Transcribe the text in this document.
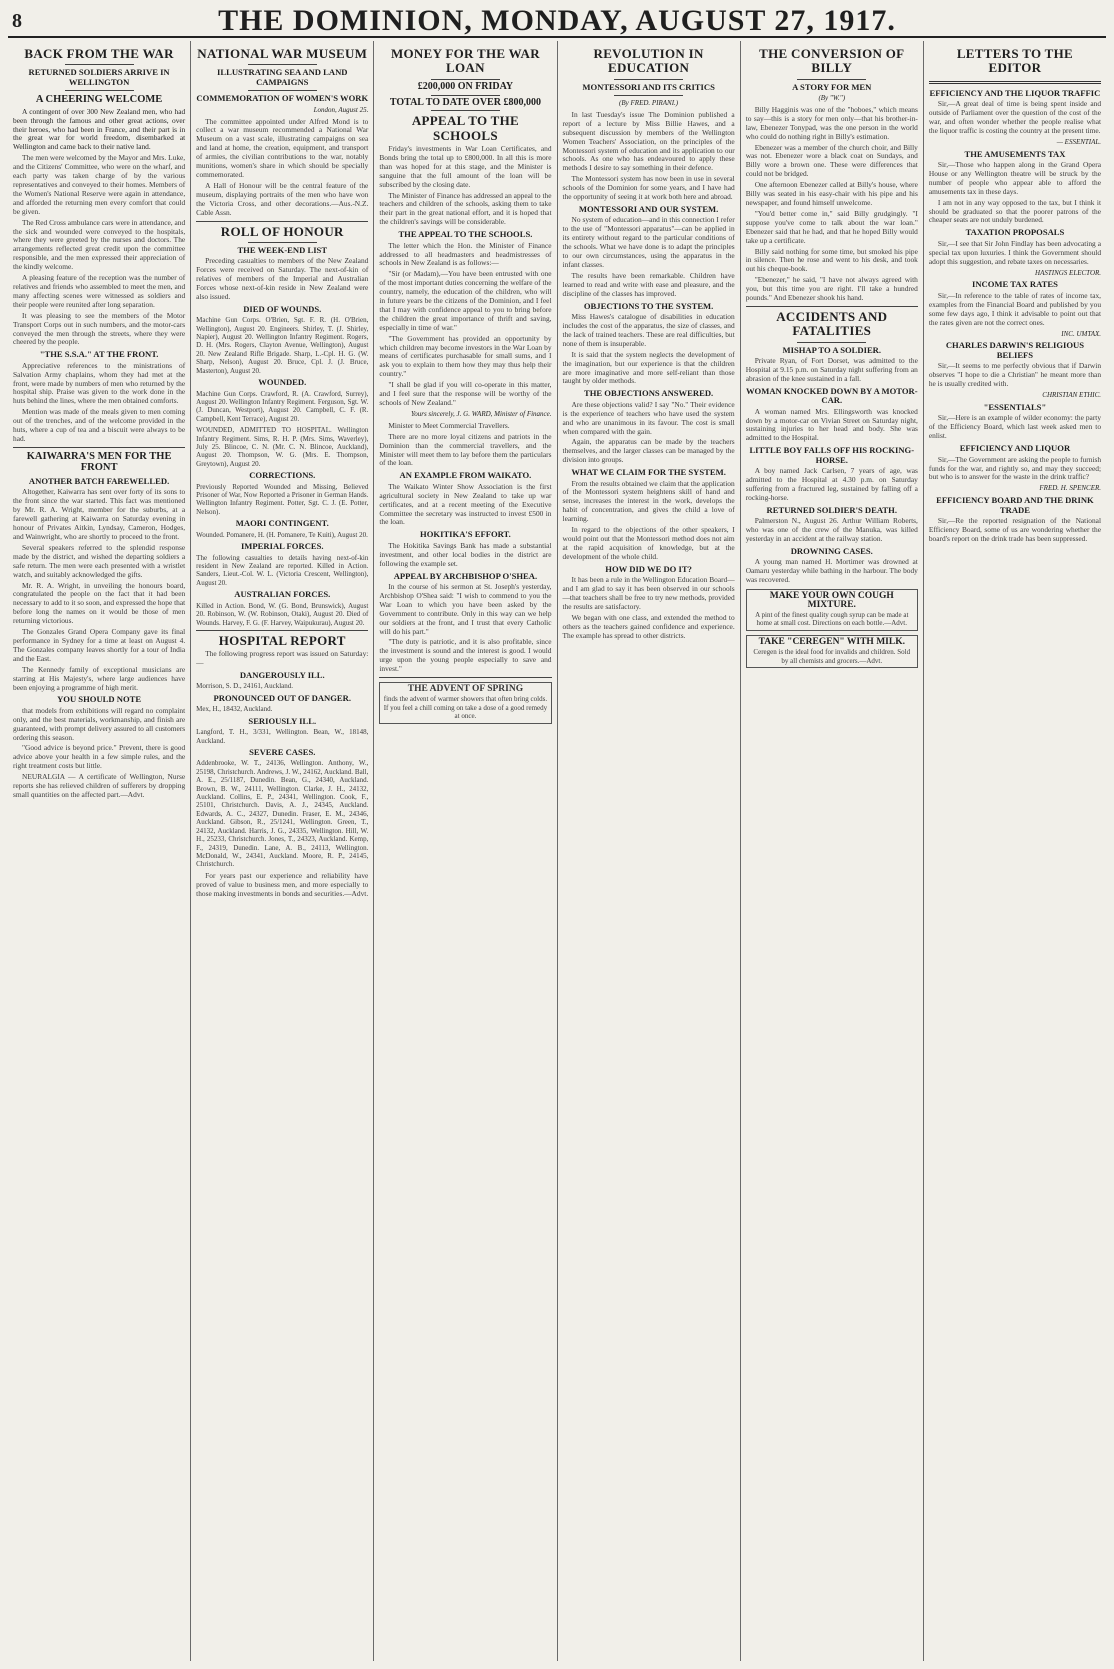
8	THE DOMINION, MONDAY, AUGUST 27, 1917.
BACK FROM THE WAR
RETURNED SOLDIERS ARRIVE IN WELLINGTON
A CHEERING WELCOME
A contingent of over 300 New Zealand men, who had been through the famous and other great actions, over their heroes, who had been in France, and their part is in the great war for world freedom, disembarked at Wellington and came back to their native land.
The men were welcomed by the Mayor and Mrs. Luke, and the Citizens' Committee, who were on the wharf, and each party was taken charge of by the various representatives and conveyed to their homes. Members of the Women's National Reserve were again in attendance, and afforded the returning men every comfort that could be given.
The Red Cross ambulance cars were in attendance, and the sick and wounded were conveyed to the hospitals, where they were greeted by the nurses and doctors. The arrangements reflected great credit upon the committee responsible, and the men expressed their appreciation of the kindly welcome.
A pleasing feature of the reception was the number of relatives and friends who assembled to meet the men, and many affecting scenes were witnessed as soldiers and their people were reunited after long separation.
It was pleasing to see the members of the Motor Transport Corps out in such numbers, and the motor-cars conveyed the men through the streets, where they were cheered by the people.
"THE S.S.A." AT THE FRONT.
Appreciative references to the ministrations of Salvation Army chaplains, whom they had met at the front, were made by numbers of men who returned by the hospital ship. Praise was given to the work done in the huts behind the lines, where the men obtained comforts.
Mention was made of the meals given to men coming out of the trenches, and of the welcome provided in the huts, where a cup of tea and a biscuit were always to be had.
KAIWARRA'S MEN FOR THE FRONT
ANOTHER BATCH FAREWELLED.
Altogether, Kaiwarra has sent over forty of its sons to the front since the war started. This fact was mentioned by Mr. R. A. Wright, member for the suburbs, at a farewell gathering at Kaiwarra on Saturday evening in honour of Privates Aitkin, Lyndsay, Cameron, Hodges, and Wainwright, who are shortly to proceed to the front.
Several speakers referred to the splendid response made by the district, and wished the departing soldiers a safe return. The men were each presented with a wristlet watch, and suitably acknowledged the gifts.
Mr. R. A. Wright, in unveiling the honours board, congratulated the people on the fact that it had been necessary to add to it so soon, and expressed the hope that before long the names on it would be those of men returning victorious.
The Gonzales Grand Opera Company gave its final performance in Sydney for a time at least on August 4. The Gonzales company leaves shortly for a tour of India and the East.
The Kennedy family of exceptional musicians are starring at His Majesty's, where large audiences have been enjoying a programme of high merit.
YOU SHOULD NOTE
that models from exhibitions will regard no complaint only, and the best materials, workmanship, and finish are guaranteed, with prompt delivery assured to all customers ordering this season.
"Good advice is beyond price." Prevent, there is good advice above your health in a few simple rules, and the right treatment costs but little.
NEURALGIA — A certificate of Wellington, Nurse reports she has relieved children of sufferers by dropping small quantities on the affected part.—Advt.
NATIONAL WAR MUSEUM
ILLUSTRATING SEA AND LAND CAMPAIGNS
COMMEMORATION OF WOMEN'S WORK
London, August 25.
The committee appointed under Alfred Mond is to collect a war museum recommended a National War Museum on a vast scale, illustrating campaigns on sea and land at home, the creation, equipment, and transport of armies, the civilian contributions to the war, notably munitions, women's share in which should be specially commemorated.
A Hall of Honour will be the central feature of the museum, displaying portraits of the men who have won the Victoria Cross, and other decorations.—Aus.-N.Z. Cable Assn.
ROLL OF HONOUR
THE WEEK-END LIST
Preceding casualties to members of the New Zealand Forces were received on Saturday. The next-of-kin of relatives of members of the Imperial and Australian Forces whose next-of-kin reside in New Zealand were also issued.
DIED OF WOUNDS.
Machine Gun Corps. O'Brien, Sgt. F. R. (H. O'Brien, Wellington), August 20. Engineers. Shirley, T. (J. Shirley, Napier), August 20. Wellington Infantry Regiment. Rogers, D. H. (Mrs. Rogers, Clayton Avenue, Wellington), August 20. New Zealand Rifle Brigade. Sharp, L.-Cpl. H. G. (W. Sharp, Nelson), August 20. Bruce, Cpl. J. (J. Bruce, Masterton), August 20.
WOUNDED.
Machine Gun Corps. Crawford, R. (A. Crawford, Surrey), August 20. Wellington Infantry Regiment. Ferguson, Sgt. W. (J. Duncan, Westport), August 20. Campbell, C. F. (R. Campbell, Kent Terrace), August 20.
WOUNDED, ADMITTED TO HOSPITAL. Wellington Infantry Regiment. Sims, R. H. P. (Mrs. Sims, Waverley), July 25. Blincoe, C. N. (Mr. C. N. Blincoe, Auckland), August 20. Thompson, W. G. (Mrs. E. Thompson, Greytown), August 20.
CORRECTIONS.
Previously Reported Wounded and Missing, Believed Prisoner of War, Now Reported a Prisoner in German Hands. Wellington Infantry Regiment. Potter, Sgt. C. J. (E. Potter, Nelson).
MAORI CONTINGENT.
Wounded. Pomanere, H. (H. Pomanere, Te Kuiti), August 20.
IMPERIAL FORCES.
The following casualties to details having next-of-kin resident in New Zealand are reported. Killed in Action. Sanders, Lieut.-Col. W. L. (Victoria Crescent, Wellington), August 20.
AUSTRALIAN FORCES.
Killed in Action. Bond, W. (G. Bond, Brunswick), August 20. Robinson, W. (W. Robinson, Otaki), August 20. Died of Wounds. Harvey, F. G. (F. Harvey, Waipukurau), August 20.
HOSPITAL REPORT
The following progress report was issued on Saturday:—
DANGEROUSLY ILL.
Morrison, S. D., 24161, Auckland.
PRONOUNCED OUT OF DANGER.
Mex, H., 18432, Auckland.
SERIOUSLY ILL.
Langford, T. H., 3/331, Wellington. Bean, W., 18148, Auckland.
SEVERE CASES.
Addenbrooke, W. T., 24136, Wellington. Anthony, W., 25198, Christchurch. Andrews, J. W., 24162, Auckland. Ball, A. E., 25/1187, Dunedin. Bean, G., 24340, Auckland. Brown, B. W., 24111, Wellington. Clarke, J. H., 24132, Auckland. Collins, E. P., 24341, Wellington. Cook, F., 25101, Christchurch. Davis, A. J., 24345, Auckland. Edwards, A. C., 24327, Dunedin. Fraser, E. M., 24346, Auckland. Gibson, R., 25/1241, Wellington. Green, T., 24132, Auckland. Harris, J. G., 24335, Wellington. Hill, W. H., 25233, Christchurch. Jones, T., 24323, Auckland. Kemp, F., 24319, Dunedin. Lane, A. B., 24113, Wellington. McDonald, W., 24341, Auckland. Moore, R. P., 24145, Christchurch.
For years past our experience and reliability have proved of value to business men, and more especially to those making investments in bonds and securities.—Advt.
MONEY FOR THE WAR LOAN
£200,000 ON FRIDAY
TOTAL TO DATE OVER £800,000
APPEAL TO THE SCHOOLS
Friday's investments in War Loan Certificates, and Bonds bring the total up to £800,000. In all this is more than was hoped for at this stage, and the Minister is sanguine that the full amount of the loan will be subscribed by the closing date.
The Minister of Finance has addressed an appeal to the teachers and children of the schools, asking them to take their part in the great national effort, and it is hoped that the children's savings will be considerable.
THE APPEAL TO THE SCHOOLS.
The letter which the Hon. the Minister of Finance addressed to all headmasters and headmistresses of schools in New Zealand is as follows:—
"Sir (or Madam),—You have been entrusted with one of the most important duties concerning the welfare of the country, namely, the education of the children, who will in future years be the citizens of the Dominion, and I feel that I may with confidence appeal to you to bring before the children the great importance of thrift and saving, especially in time of war."
"The Government has provided an opportunity by which children may become investors in the War Loan by means of certificates purchasable for small sums, and I ask you to explain to them how they may thus help their country."
"I shall be glad if you will co-operate in this matter, and I feel sure that the response will be worthy of the schools of New Zealand."
Yours sincerely, J. G. WARD, Minister of Finance.
Minister to Meet Commercial Travellers.
There are no more loyal citizens and patriots in the Dominion than the commercial travellers, and the Minister will meet them to lay before them the particulars of the loan.
AN EXAMPLE FROM WAIKATO.
The Waikato Winter Show Association is the first agricultural society in New Zealand to take up war certificates, and at a recent meeting of the Executive Committee the secretary was instructed to invest £500 in the loan.
HOKITIKA'S EFFORT.
The Hokitika Savings Bank has made a substantial investment, and other local bodies in the district are following the example set.
APPEAL BY ARCHBISHOP O'SHEA.
In the course of his sermon at St. Joseph's yesterday, Archbishop O'Shea said: "I wish to commend to you the War Loan to which you have been asked by the Government to contribute. Only in this way can we help our soldiers at the front, and I trust that every Catholic will do his part."
"The duty is patriotic, and it is also profitable, since the investment is sound and the interest is good. I would urge upon the young people especially to save and invest."
THE ADVENT OF SPRING
finds the advent of warmer showers that often bring colds. If you feel a chill coming on take a dose of a good remedy at once.
REVOLUTION IN EDUCATION
MONTESSORI AND ITS CRITICS
(By FRED. PIRANI.)
In last Tuesday's issue The Dominion published a report of a lecture by Miss Billie Hawes, and a subsequent discussion by members of the Wellington Women Teachers' Association, on the principles of the Montessori system of education and its application to our schools. As one who has endeavoured to apply these methods I desire to say something in their defence.
The Montessori system has now been in use in several schools of the Dominion for some years, and I have had the opportunity of seeing it at work both here and abroad.
MONTESSORI AND OUR SYSTEM.
No system of education—and in this connection I refer to the use of "Montessori apparatus"—can be applied in its entirety without regard to the particular conditions of the schools. What we have done is to adapt the principles to our own circumstances, using the apparatus in the infant classes.
The results have been remarkable. Children have learned to read and write with ease and pleasure, and the discipline of the classes has improved.
OBJECTIONS TO THE SYSTEM.
Miss Hawes's catalogue of disabilities in education includes the cost of the apparatus, the size of classes, and the lack of trained teachers. These are real difficulties, but none of them is insuperable.
It is said that the system neglects the development of the imagination, but our experience is that the children are more imaginative and more self-reliant than those taught by older methods.
THE OBJECTIONS ANSWERED.
Are these objections valid? I say "No." Their evidence is the experience of teachers who have used the system and who are unanimous in its favour. The cost is small when compared with the gain.
Again, the apparatus can be made by the teachers themselves, and the larger classes can be managed by the division into groups.
WHAT WE CLAIM FOR THE SYSTEM.
From the results obtained we claim that the application of the Montessori system heightens skill of hand and sense, increases the interest in the work, develops the habit of concentration, and gives the child a love of learning.
In regard to the objections of the other speakers, I would point out that the Montessori method does not aim at the rapid acquisition of knowledge, but at the development of the whole child.
HOW DID WE DO IT?
It has been a rule in the Wellington Education Board—and I am glad to say it has been observed in our schools—that teachers shall be free to try new methods, provided the results are satisfactory.
We began with one class, and extended the method to others as the teachers gained confidence and experience. The example has spread to other districts.
THE CONVERSION OF BILLY
A STORY FOR MEN
(By "W.")
Billy Hagginis was one of the "hoboes," which means to say—this is a story for men only—that his brother-in-law, Ebenezer Tonypad, was the one person in the world who could do nothing right in Billy's estimation.
Ebenezer was a member of the church choir, and Billy was not. Ebenezer wore a black coat on Sundays, and Billy wore a brown one. These were differences that could not be bridged.
One afternoon Ebenezer called at Billy's house, where Billy was seated in his easy-chair with his pipe and his newspaper, and found himself unwelcome.
"You'd better come in," said Billy grudgingly. "I suppose you've come to talk about the war loan." Ebenezer said that he had, and that he hoped Billy would take up a certificate.
Billy said nothing for some time, but smoked his pipe in silence. Then he rose and went to his desk, and took out his cheque-book.
"Ebenezer," he said, "I have not always agreed with you, but this time you are right. I'll take a hundred pounds." And Ebenezer shook his hand.
ACCIDENTS AND FATALITIES
MISHAP TO A SOLDIER.
Private Ryan, of Fort Dorset, was admitted to the Hospital at 9.15 p.m. on Saturday night suffering from an abrasion of the knee sustained in a fall.
WOMAN KNOCKED DOWN BY A MOTOR-CAR.
A woman named Mrs. Ellingsworth was knocked down by a motor-car on Vivian Street on Saturday night, sustaining injuries to her head and body. She was admitted to the Hospital.
LITTLE BOY FALLS OFF HIS ROCKING-HORSE.
A boy named Jack Carlsen, 7 years of age, was admitted to the Hospital at 4.30 p.m. on Saturday suffering from a fractured leg, sustained by falling off a rocking-horse.
RETURNED SOLDIER'S DEATH.
Palmerston N., August 26. Arthur William Roberts, who was one of the crew of the Manuka, was killed yesterday in an accident at the railway station.
DROWNING CASES.
A young man named H. Mortimer was drowned at Oamaru yesterday while bathing in the harbour. The body was recovered.
MAKE YOUR OWN COUGH MIXTURE.
A pint of the finest quality cough syrup can be made at home at small cost. Directions on each bottle.—Advt.
TAKE "CEREGEN" WITH MILK.
Ceregen is the ideal food for invalids and children. Sold by all chemists and grocers.—Advt.
LETTERS TO THE EDITOR
EFFICIENCY AND THE LIQUOR TRAFFIC
Sir,—A great deal of time is being spent inside and outside of Parliament over the question of the cost of the war, and often wonder whether the people realise what the liquor traffic is costing the country at the present time.
— ESSENTIAL.
THE AMUSEMENTS TAX
Sir,—Those who happen along in the Grand Opera House or any Wellington theatre will be struck by the number of people who appear able to afford the amusements tax in these days.
I am not in any way opposed to the tax, but I think it should be graduated so that the poorer patrons of the cheaper seats are not unduly burdened.
TAXATION PROPOSALS
Sir,—I see that Sir John Findlay has been advocating a special tax upon luxuries. I think the Government should adopt this suggestion, and rebate taxes on necessaries.
HASTINGS ELECTOR.
INCOME TAX RATES
Sir,—In reference to the table of rates of income tax, examples from the Financial Board and published by you some few days ago, I think it advisable to point out that the rates given are not the correct ones.
INC. UMTAX.
CHARLES DARWIN'S RELIGIOUS BELIEFS
Sir,—It seems to me perfectly obvious that if Darwin observes "I hope to die a Christian" he meant more than he is usually credited with.
CHRISTIAN ETHIC.
"ESSENTIALS"
Sir,—Here is an example of wilder economy: the party of the Efficiency Board, which last week asked men to enlist.
EFFICIENCY AND LIQUOR
Sir,—The Government are asking the people to furnish funds for the war, and rightly so, and may they succeed; but who is to answer for the waste in the drink traffic?
FRED. H. SPENCER.
EFFICIENCY BOARD AND THE DRINK TRADE
Sir,—Re the reported resignation of the National Efficiency Board, some of us are wondering whether the board's report on the drink trade has been suppressed.
